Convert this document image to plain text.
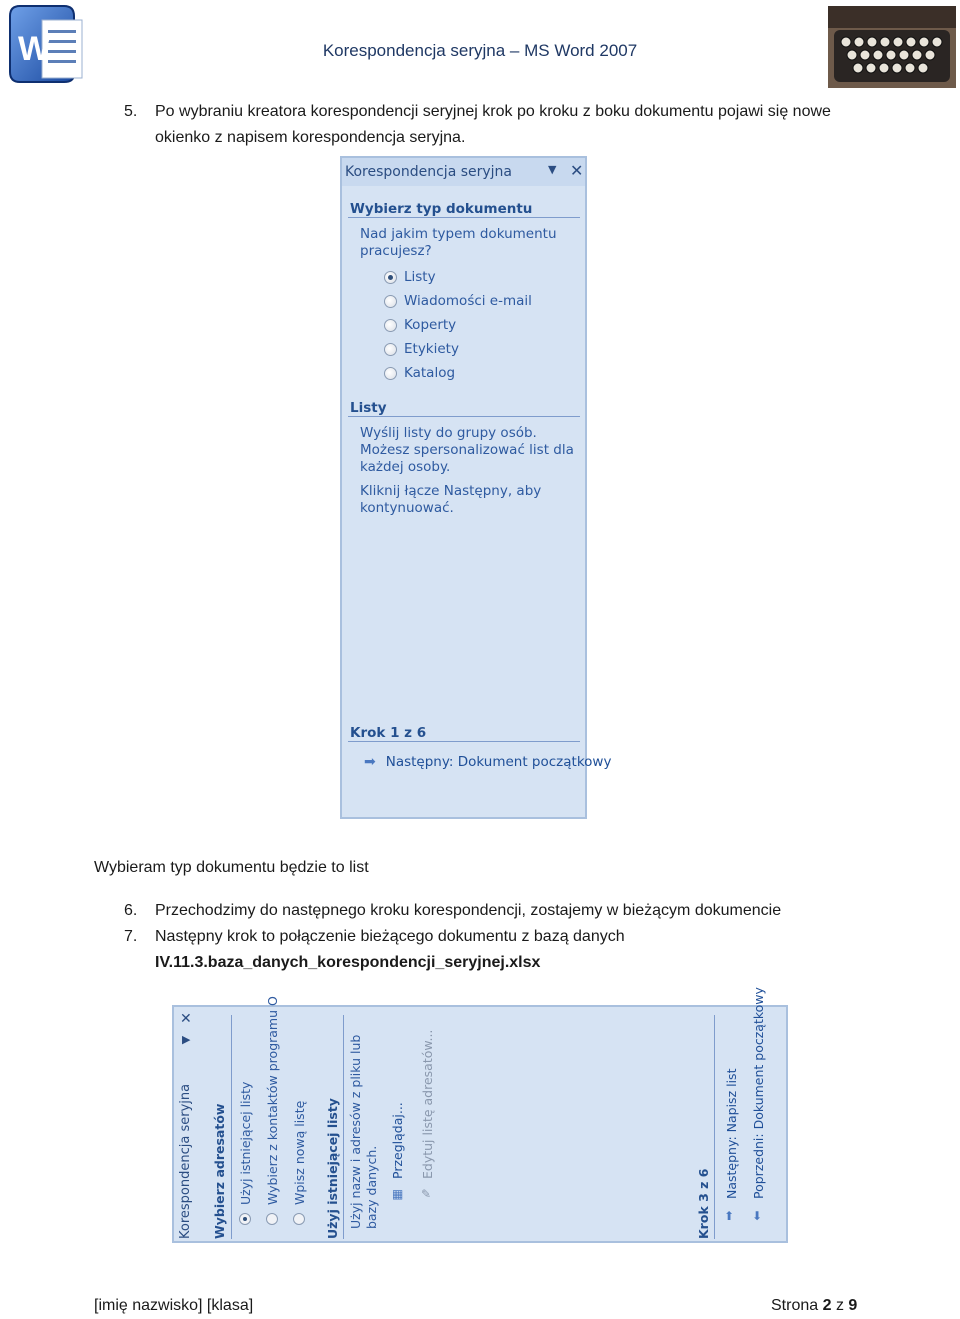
W	Korespondencja seryjna – MS Word 2007
5.	Po wybraniu kreatora korespondencji seryjnej krok po kroku z boku dokumentu pojawi się nowe okienko z napisem korespondencja seryjna.
Korespondencja seryjna	▼ ✕
Wybierz typ dokumentu
Nad jakim typem dokumentu pracujesz?
Listy
Wiadomości e-mail
Koperty
Etykiety
Katalog
Listy
Wyślij listy do grupy osób. Możesz spersonalizować list dla każdej osoby.
Kliknij łącze Następny, aby kontynuować.
Krok 1 z 6
➡ Następny: Dokument początkowy
Wybieram typ dokumentu będzie to list
6.	Przechodzimy do następnego kroku korespondencji, zostajemy w bieżącym dokumencie
7.	Następny krok to połączenie bieżącego dokumentu z bazą danych
IV.11.3.baza_danych_korespondencji_seryjnej.xlsx
Korespondencja seryjna
✕
▶
Wybierz adresatów Użyj istniejącej listy Wybierz z kontaktów programu O Wpisz nową listę Użyj istniejącej listy Użyj nazw i adresów z pliku lub bazy danych. ▦
Przeglądaj...
✎
Edytuj listę adresatów...
Krok 3 z 6 ⬆
Następny: Napisz list
⬇
Poprzedni: Dokument początkowy
[imię nazwisko] [klasa]	Strona 2 z 9
